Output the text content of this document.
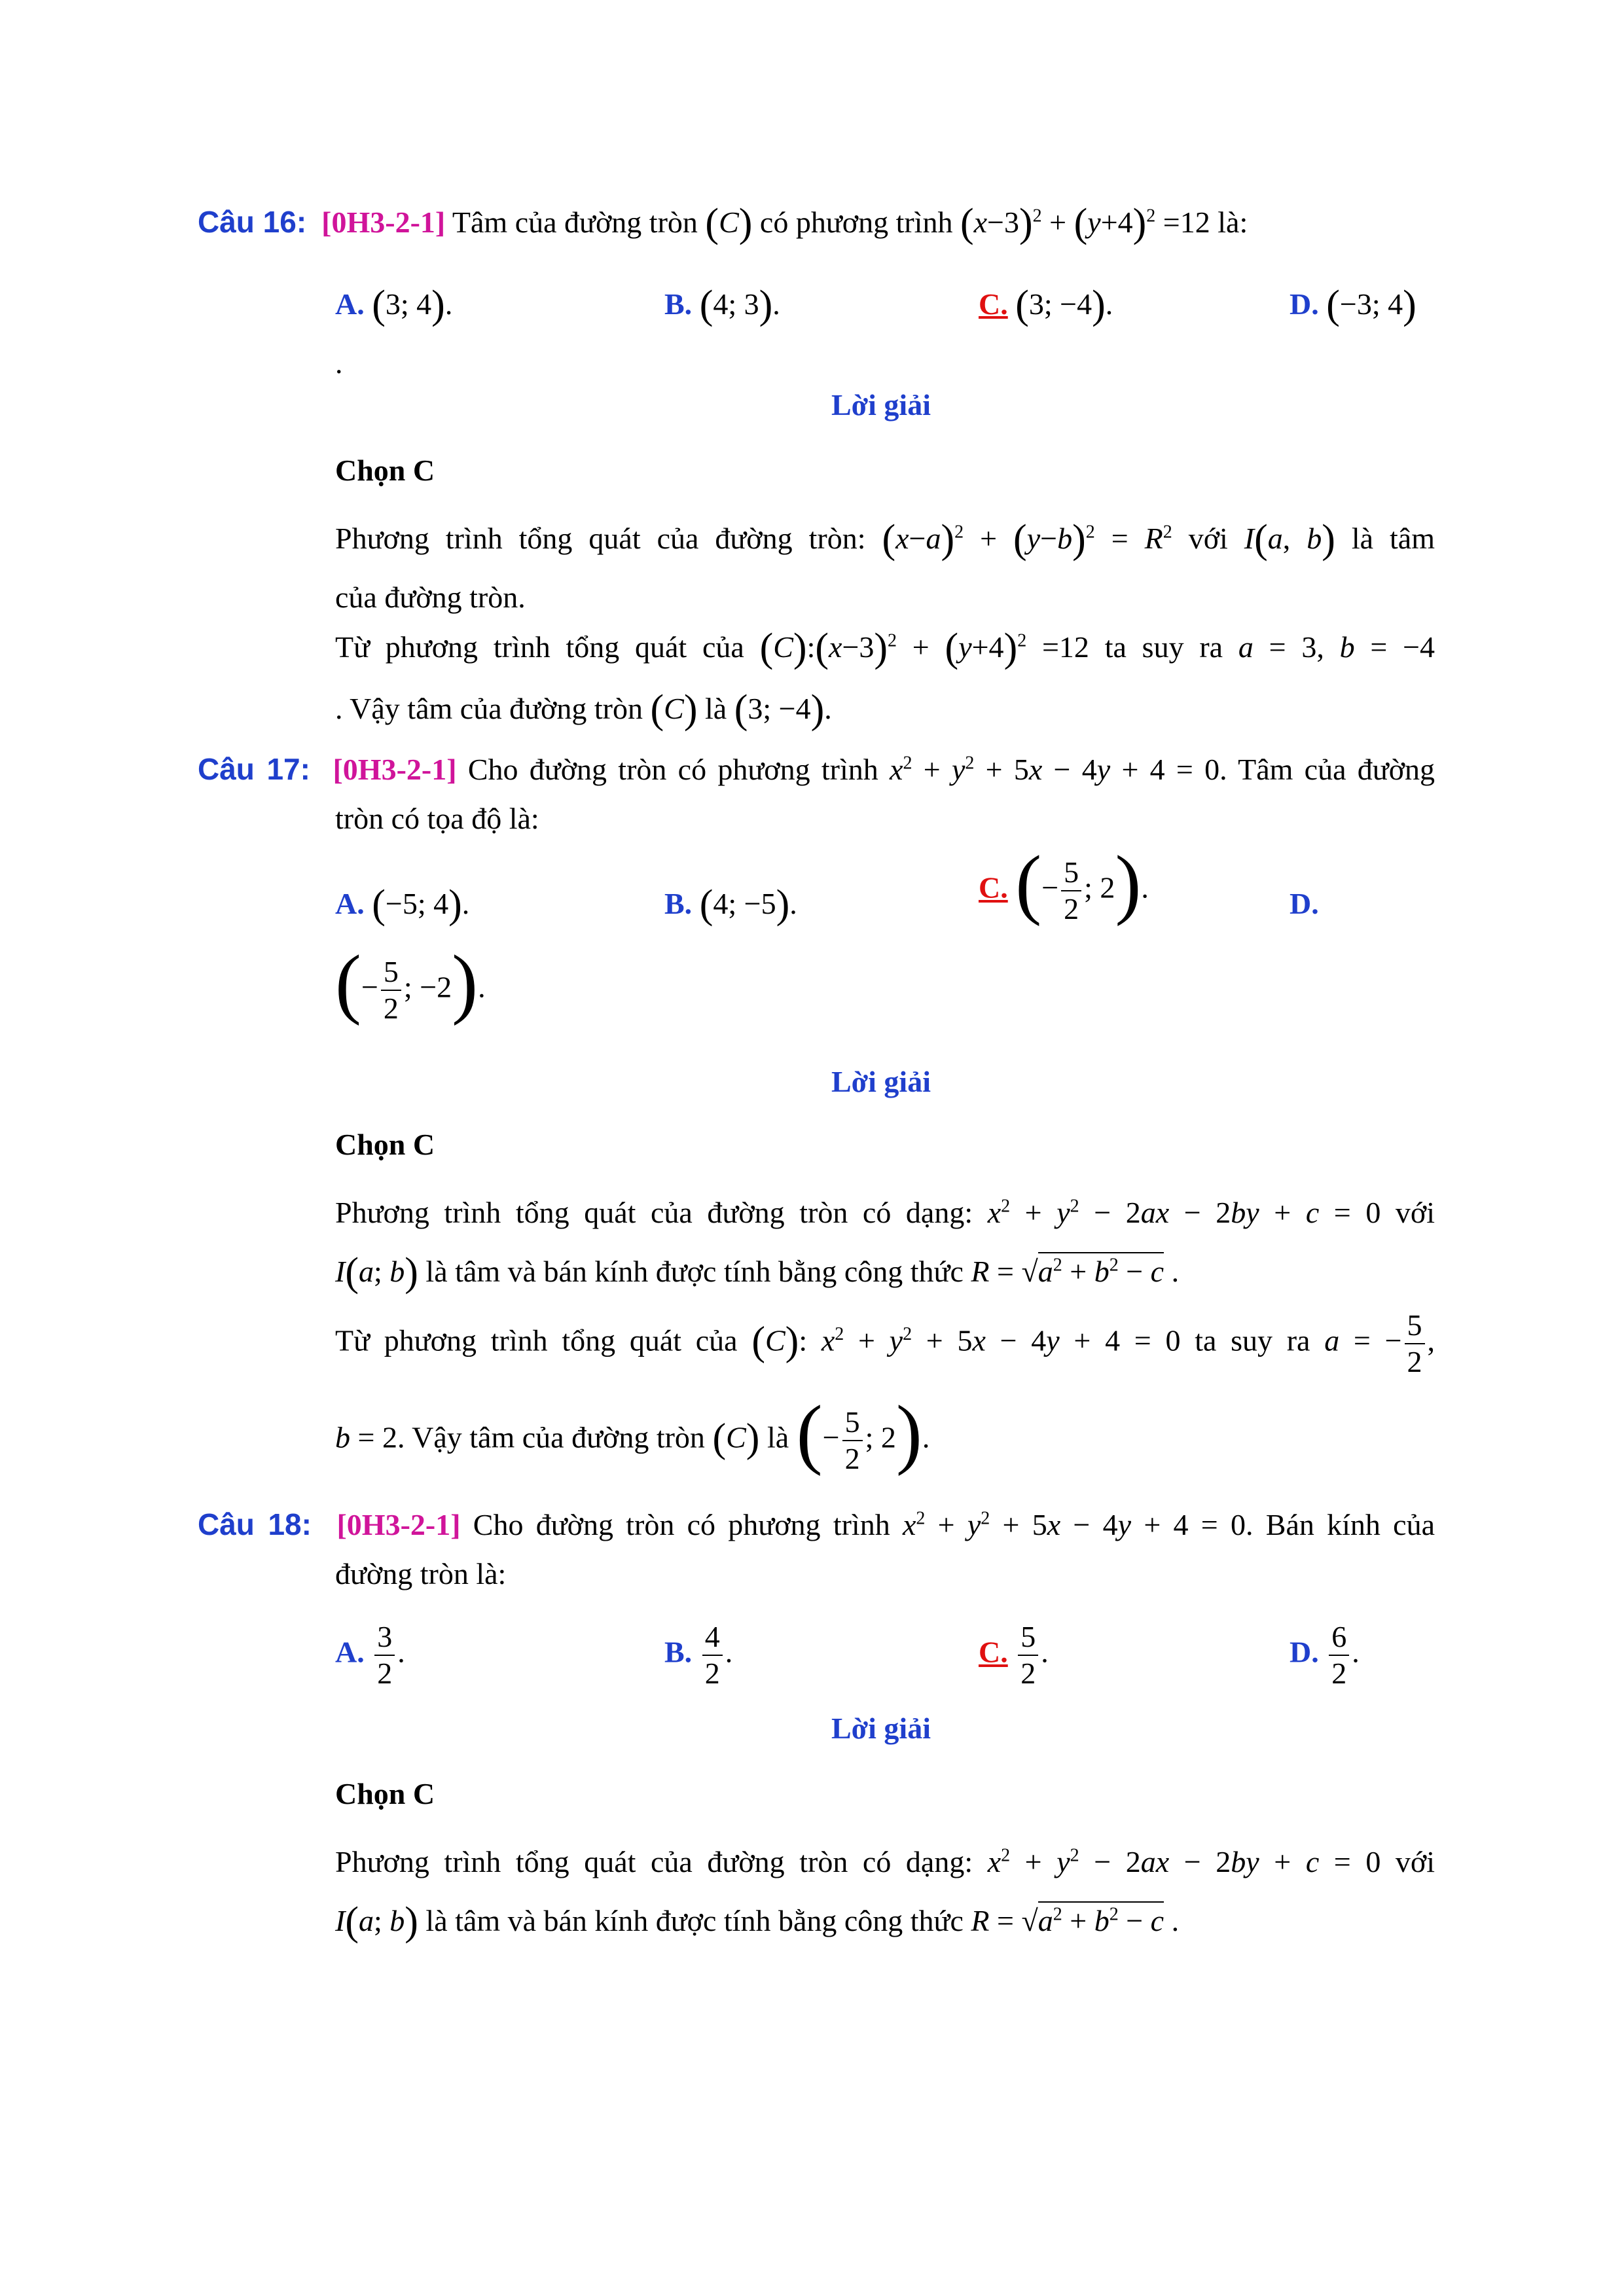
Câu 16: [0H3-2-1] Tâm của đường tròn (C) có phương trình $(x-3)^2 + (y+4)^2 =12$ là:
A. (3; 4).	B. (4; 3).	C. (3; −4).	D. (−3; 4)
.
Lời giải
Chọn C
Phương trình tổng quát của đường tròn: $(x-a)^2 + (y-b)^2 = R^2$ với I(a, b) là tâm
của đường tròn.
Từ phương trình tổng quát của $(C):(x-3)^2 + (y+4)^2 =12$ ta suy ra a = 3, b = −4
. Vậy tâm của đường tròn (C) là (3; −4).
Câu 17: [0H3-2-1] Cho đường tròn có phương trình $x^2 + y^2 + 5x - 4y + 4 = 0$. Tâm của đường
tròn có tọa độ là:
A. (−5; 4).	B. (4; −5).	C. (− $\frac{5}{2}$ ; 2).	D.
(− $\frac{5}{2}$ ; −2).
Lời giải
Chọn C
Phương trình tổng quát của đường tròn có dạng: $x^2 + y^2 - 2ax - 2by + c = 0$ với
I(a; b) là tâm và bán kính được tính bằng công thức $R = √a^2 + b^2 - c$ .
Từ phương trình tổng quát của (C): $x^2 + y^2 + 5x - 4y + 4 = 0$ ta suy ra a = − $\frac{5}{2}$ ,
b = 2. Vậy tâm của đường tròn (C) là (− $\frac{5}{2}$ ; 2).
Câu 18: [0H3-2-1] Cho đường tròn có phương trình $x^2 + y^2 + 5x - 4y + 4 = 0$. Bán kính của
đường tròn là:
A. $\frac{3}{2}$ .	B. $\frac{4}{2}$ .	C. $\frac{5}{2}$ .	D. $\frac{6}{2}$ .
Lời giải
Chọn C
Phương trình tổng quát của đường tròn có dạng: $x^2 + y^2 - 2ax - 2by + c = 0$ với
I(a; b) là tâm và bán kính được tính bằng công thức $R = √a^2 + b^2 - c$ .
